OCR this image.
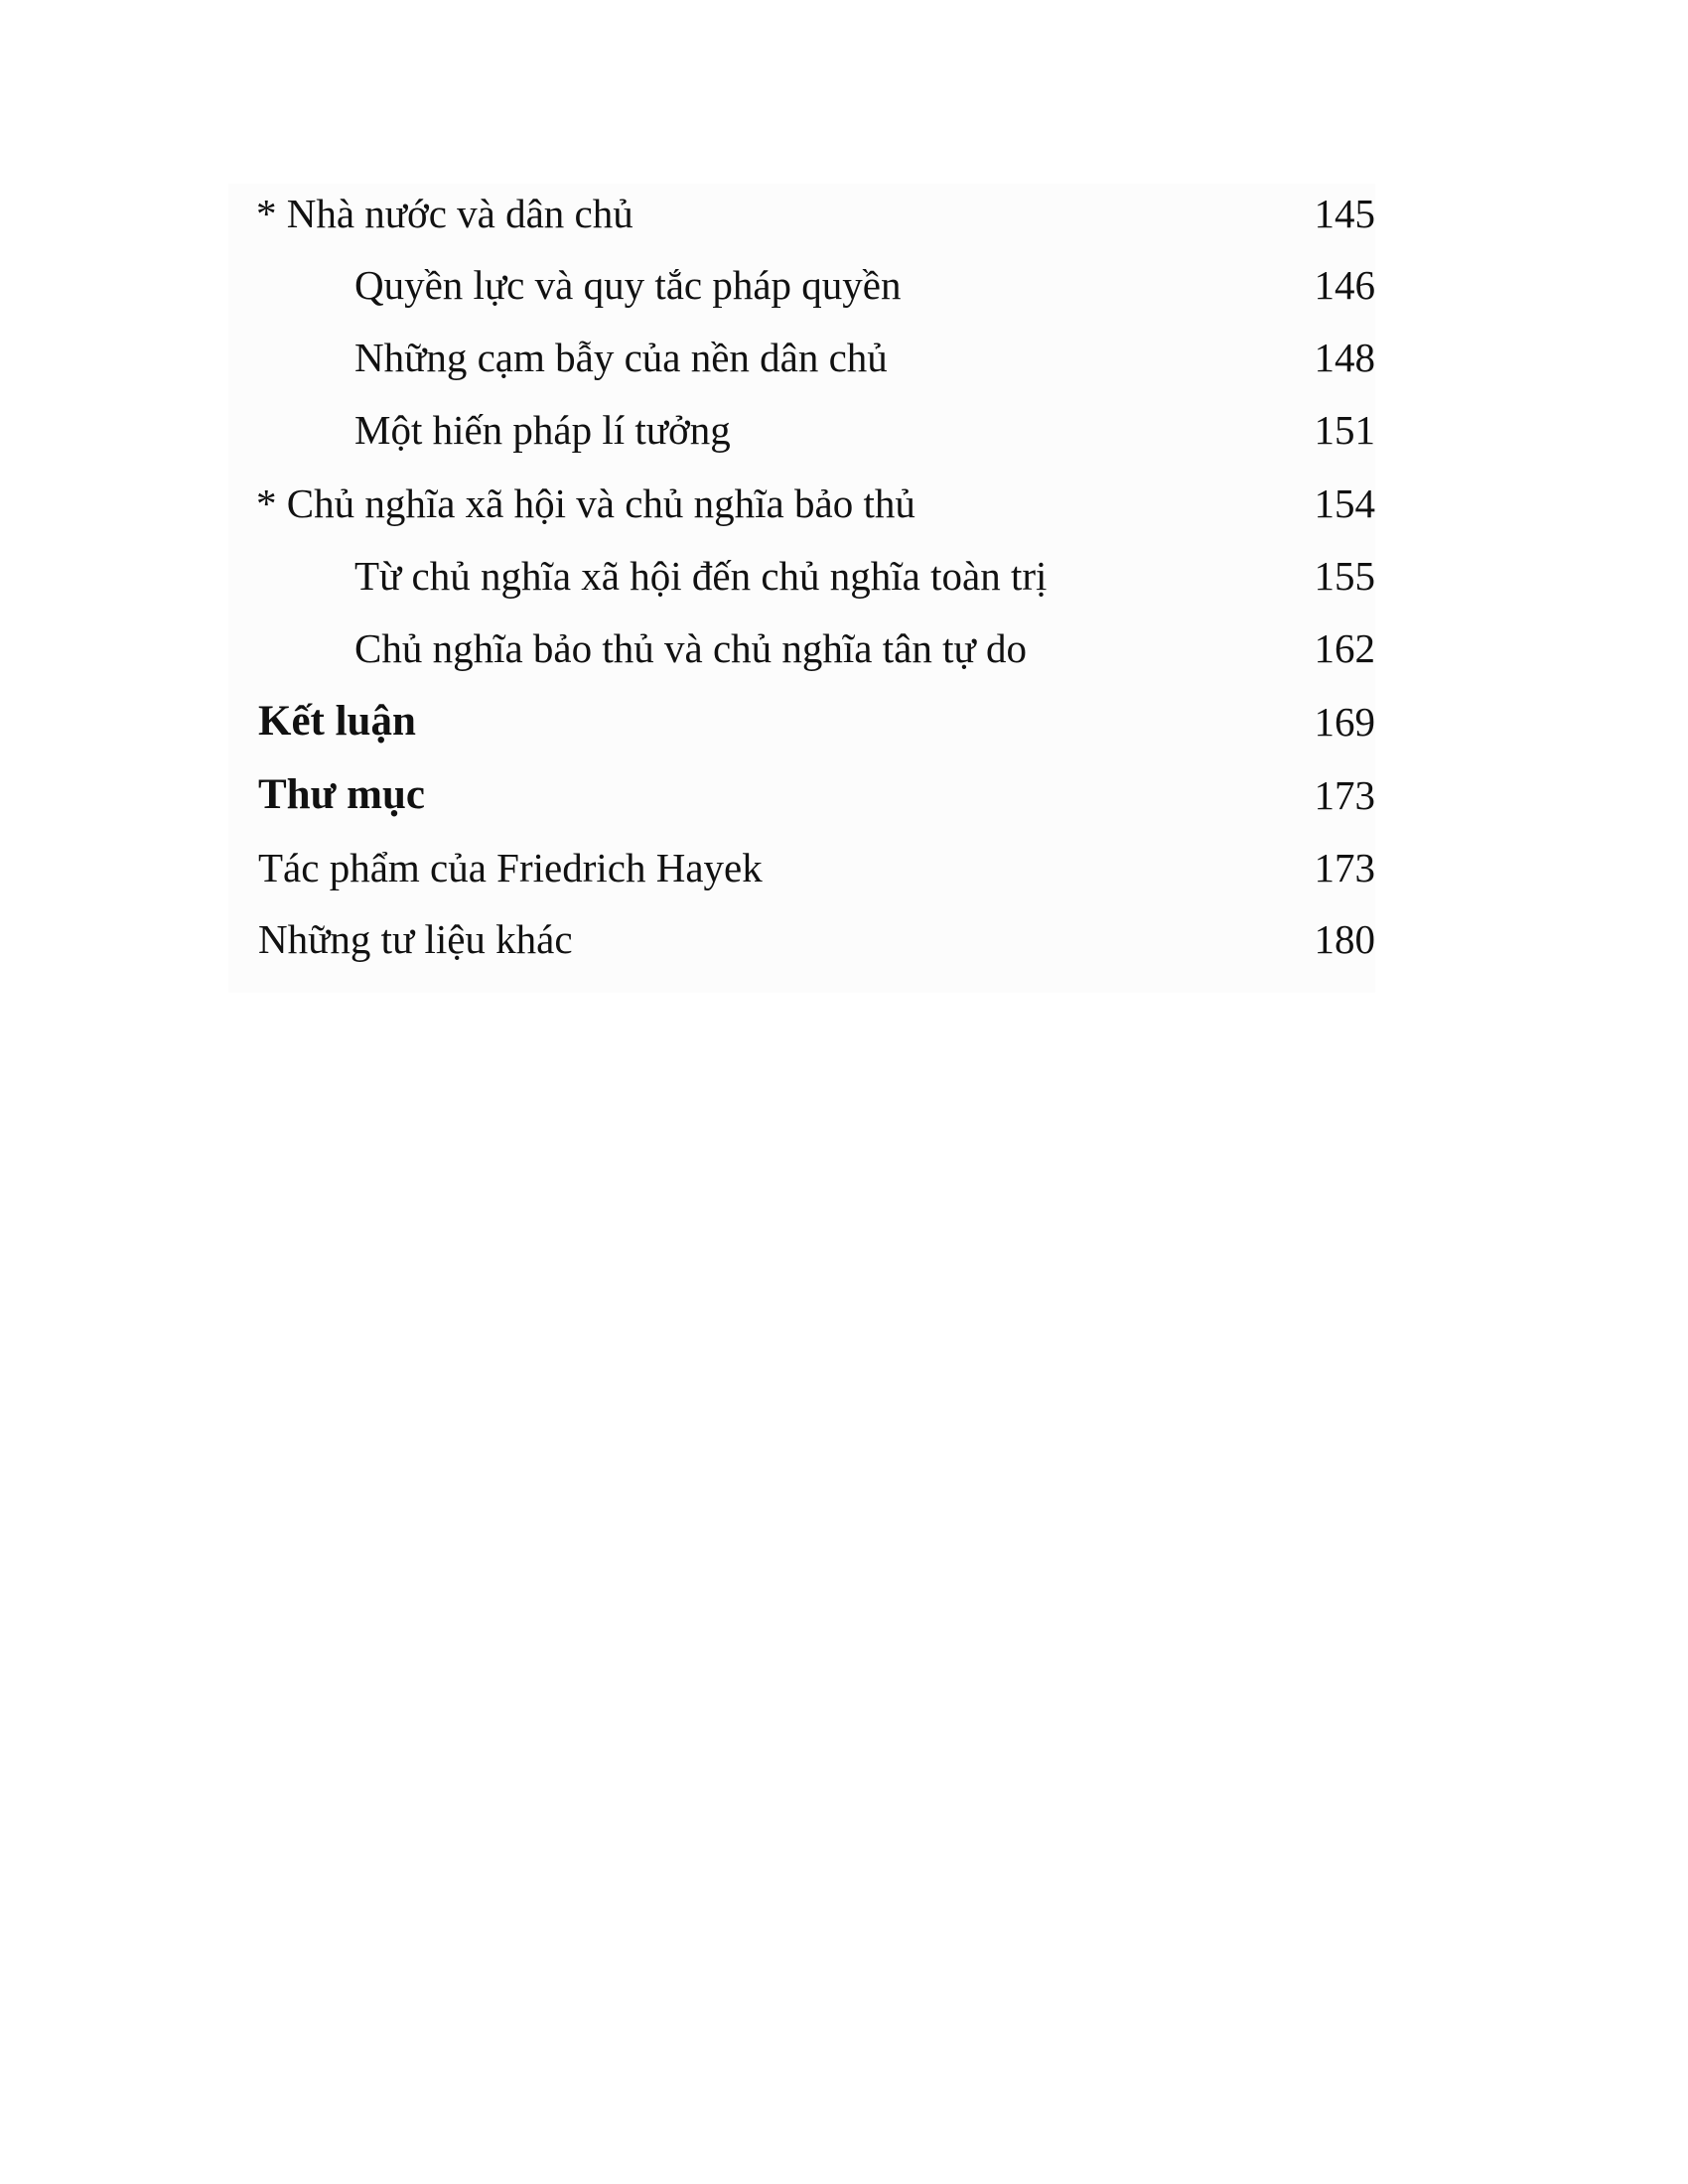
* Nhà nước và dân chủ	145
Quyền lực và quy tắc pháp quyền	146
Những cạm bẫy của nền dân chủ	148
Một hiến pháp lí tưởng	151
* Chủ nghĩa xã hội và chủ nghĩa bảo thủ	154
Từ chủ nghĩa xã hội đến chủ nghĩa toàn trị	155
Chủ nghĩa bảo thủ và chủ nghĩa tân tự do	162
Kết luận	169
Thư mục	173
Tác phẩm của Friedrich Hayek	173
Những tư liệu khác	180
